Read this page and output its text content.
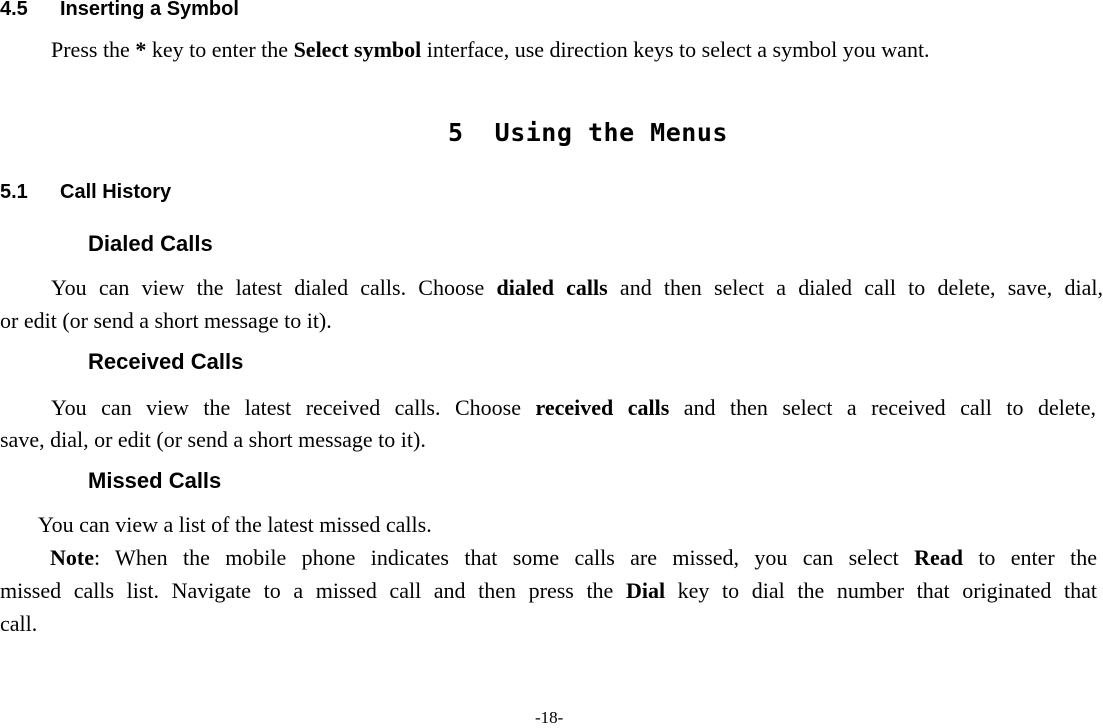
4.5 Inserting a Symbol
Press the * key to enter the Select symbol interface, use direction keys to select a symbol you want.
5  Using the Menus
5.1 Call History
Dialed Calls
You can view the latest dialed calls. Choose dialed calls and then select a dialed call to delete, save, dial,
or edit (or send a short message to it).
Received Calls
You can view the latest received calls. Choose received calls and then select a received call to delete,
save, dial, or edit (or send a short message to it).
Missed Calls
You can view a list of the latest missed calls.
Note: When the mobile phone indicates that some calls are missed, you can select Read to enter the
missed calls list. Navigate to a missed call and then press the Dial key to dial the number that originated that
call.
-18-
